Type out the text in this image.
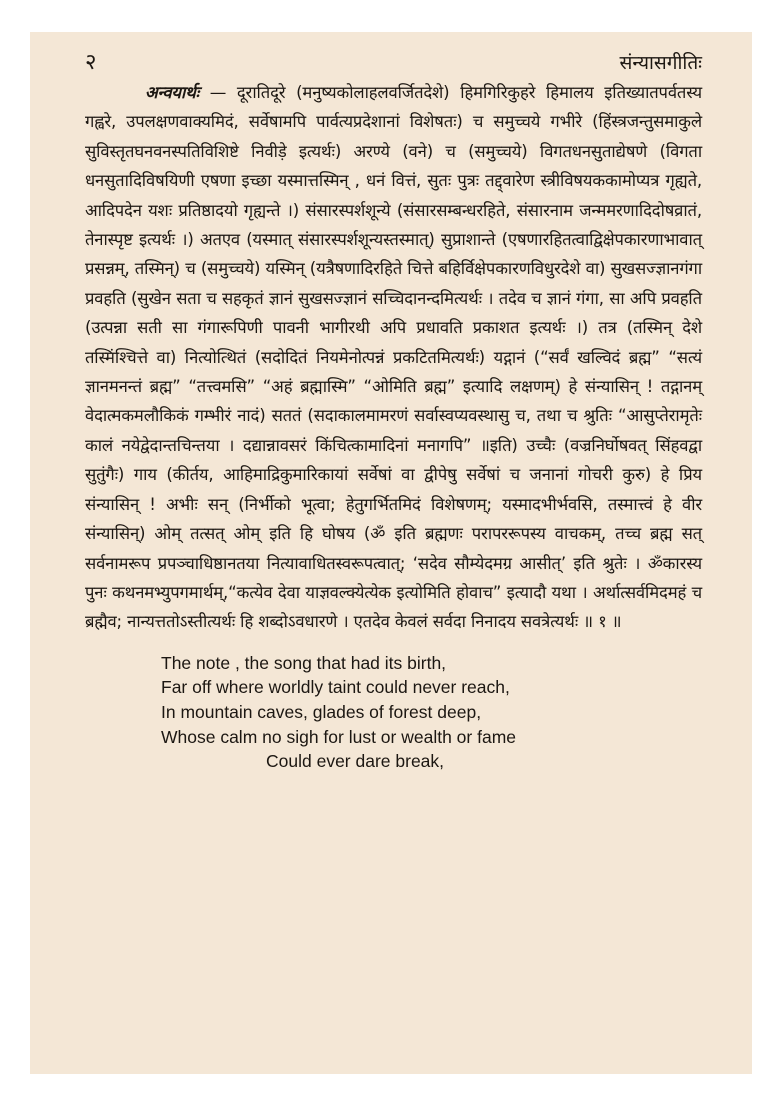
२	संन्यासगीतिः

अन्वयार्थः — दूरातिदूरे (मनुष्यकोलाहलवर्जितदेशे) हिमगिरिकुहरे हिमालय इतिख्यातपर्वतस्य गह्वरे, उपलक्षणवाक्यमिदं, सर्वेषामपि पार्वत्यप्रदेशानां विशेषतः) च समुच्चये गभीरे (हिंस्त्रजन्तुसमाकुले सुविस्तृतघनवनस्पतिविशिष्टे निवीड़े इत्यर्थः) अरण्ये (वने) च (समुच्चये) विगतधनसुताद्येषणे (विगता धनसुतादिविषयिणी एषणा इच्छा यस्मात्तस्मिन् , धनं वित्तं, सुतः पुत्रः तद्द्वारेण स्त्रीविषयककामोप्यत्र गृह्यते, आदिपदेन यशः प्रतिष्ठादयो गृह्यन्ते ।) संसारस्पर्शशून्ये (संसारसम्बन्धरहिते, संसारनाम जन्ममरणादिदोषव्रातं, तेनास्पृष्ट इत्यर्थः ।) अतएव (यस्मात् संसारस्पर्शशून्यस्तस्मात्) सुप्राशान्ते (एषणारहितत्वाद्विक्षेपकारणाभावात् प्रसन्नम्, तस्मिन्) च (समुच्चये) यस्मिन् (यत्रैषणादिरहिते चित्ते बहिर्विक्षेपकारणविधुरदेशे वा) सुखसज्ज्ञानगंगा प्रवहति (सुखेन सता च सहकृतं ज्ञानं सुखसज्ज्ञानं सच्चिदानन्दमित्यर्थः । तदेव च ज्ञानं गंगा, सा अपि प्रवहति (उत्पन्ना सती सा गंगारूपिणी पावनी भागीरथी अपि प्रधावति प्रकाशत इत्यर्थः ।) तत्र (तस्मिन् देशे तस्मिंश्चित्ते वा) नित्योत्थितं (सदोदितं नियमेनोत्पन्नं प्रकटितमित्यर्थः) यद्गानं (“सर्वं खल्विदं ब्रह्म” “सत्यं ज्ञानमनन्तं ब्रह्म” “तत्त्वमसि” “अहं ब्रह्मास्मि” “ओमिति ब्रह्म” इत्यादि लक्षणम्) हे संन्यासिन् ! तद्गानम् वेदात्मकमलौकिकं गम्भीरं नादं) सततं (सदाकालमामरणं सर्वास्वप्यवस्थासु च, तथा च श्रुतिः “आसुप्तेरामृतेः कालं नयेद्वेदान्तचिन्तया । दद्यान्नावसरं किंचित्कामादिनां मनागपि” ॥इति) उच्चैः (वज्रनिर्घोषवत् सिंहवद्वा सुतुंगैः) गाय (कीर्तय, आहिमाद्रिकुमारिकायां सर्वेषां वा द्वीपेषु सर्वेषां च जनानां गोचरी कुरु) हे प्रिय संन्यासिन् ! अभीः सन् (निर्भीको भूत्वा; हेतुगर्भितमिदं विशेषणम्; यस्मादभीर्भवसि, तस्मात्त्वं हे वीर संन्यासिन्) ओम् तत्सत् ओम् इति हि घोषय (ॐ इति ब्रह्मणः परापररूपस्य वाचकम्, तच्च ब्रह्म सत् सर्वनामरूप प्रपञ्चाधिष्ठानतया नित्यावाधितस्वरूपत्वात्; ‘सदेव सौम्येदमग्र आसीत्’ इति श्रुतेः । ॐकारस्य पुनः कथनमभ्युपगमार्थम्,“कत्येव देवा याज्ञवल्क्येत्येक इत्योमिति होवाच” इत्यादौ यथा । अर्थात्सर्वमिदमहं च ब्रह्मैव; नान्यत्ततोऽस्तीत्यर्थः हि शब्दोऽवधारणे । एतदेव केवलं सर्वदा निनादय सवत्रेत्यर्थः ॥ १ ॥

The note , the song that had its birth,
Far off where worldly taint could never reach,
In mountain caves, glades of forest deep,
Whose calm no sigh for lust or wealth or fame
Could ever dare break,
